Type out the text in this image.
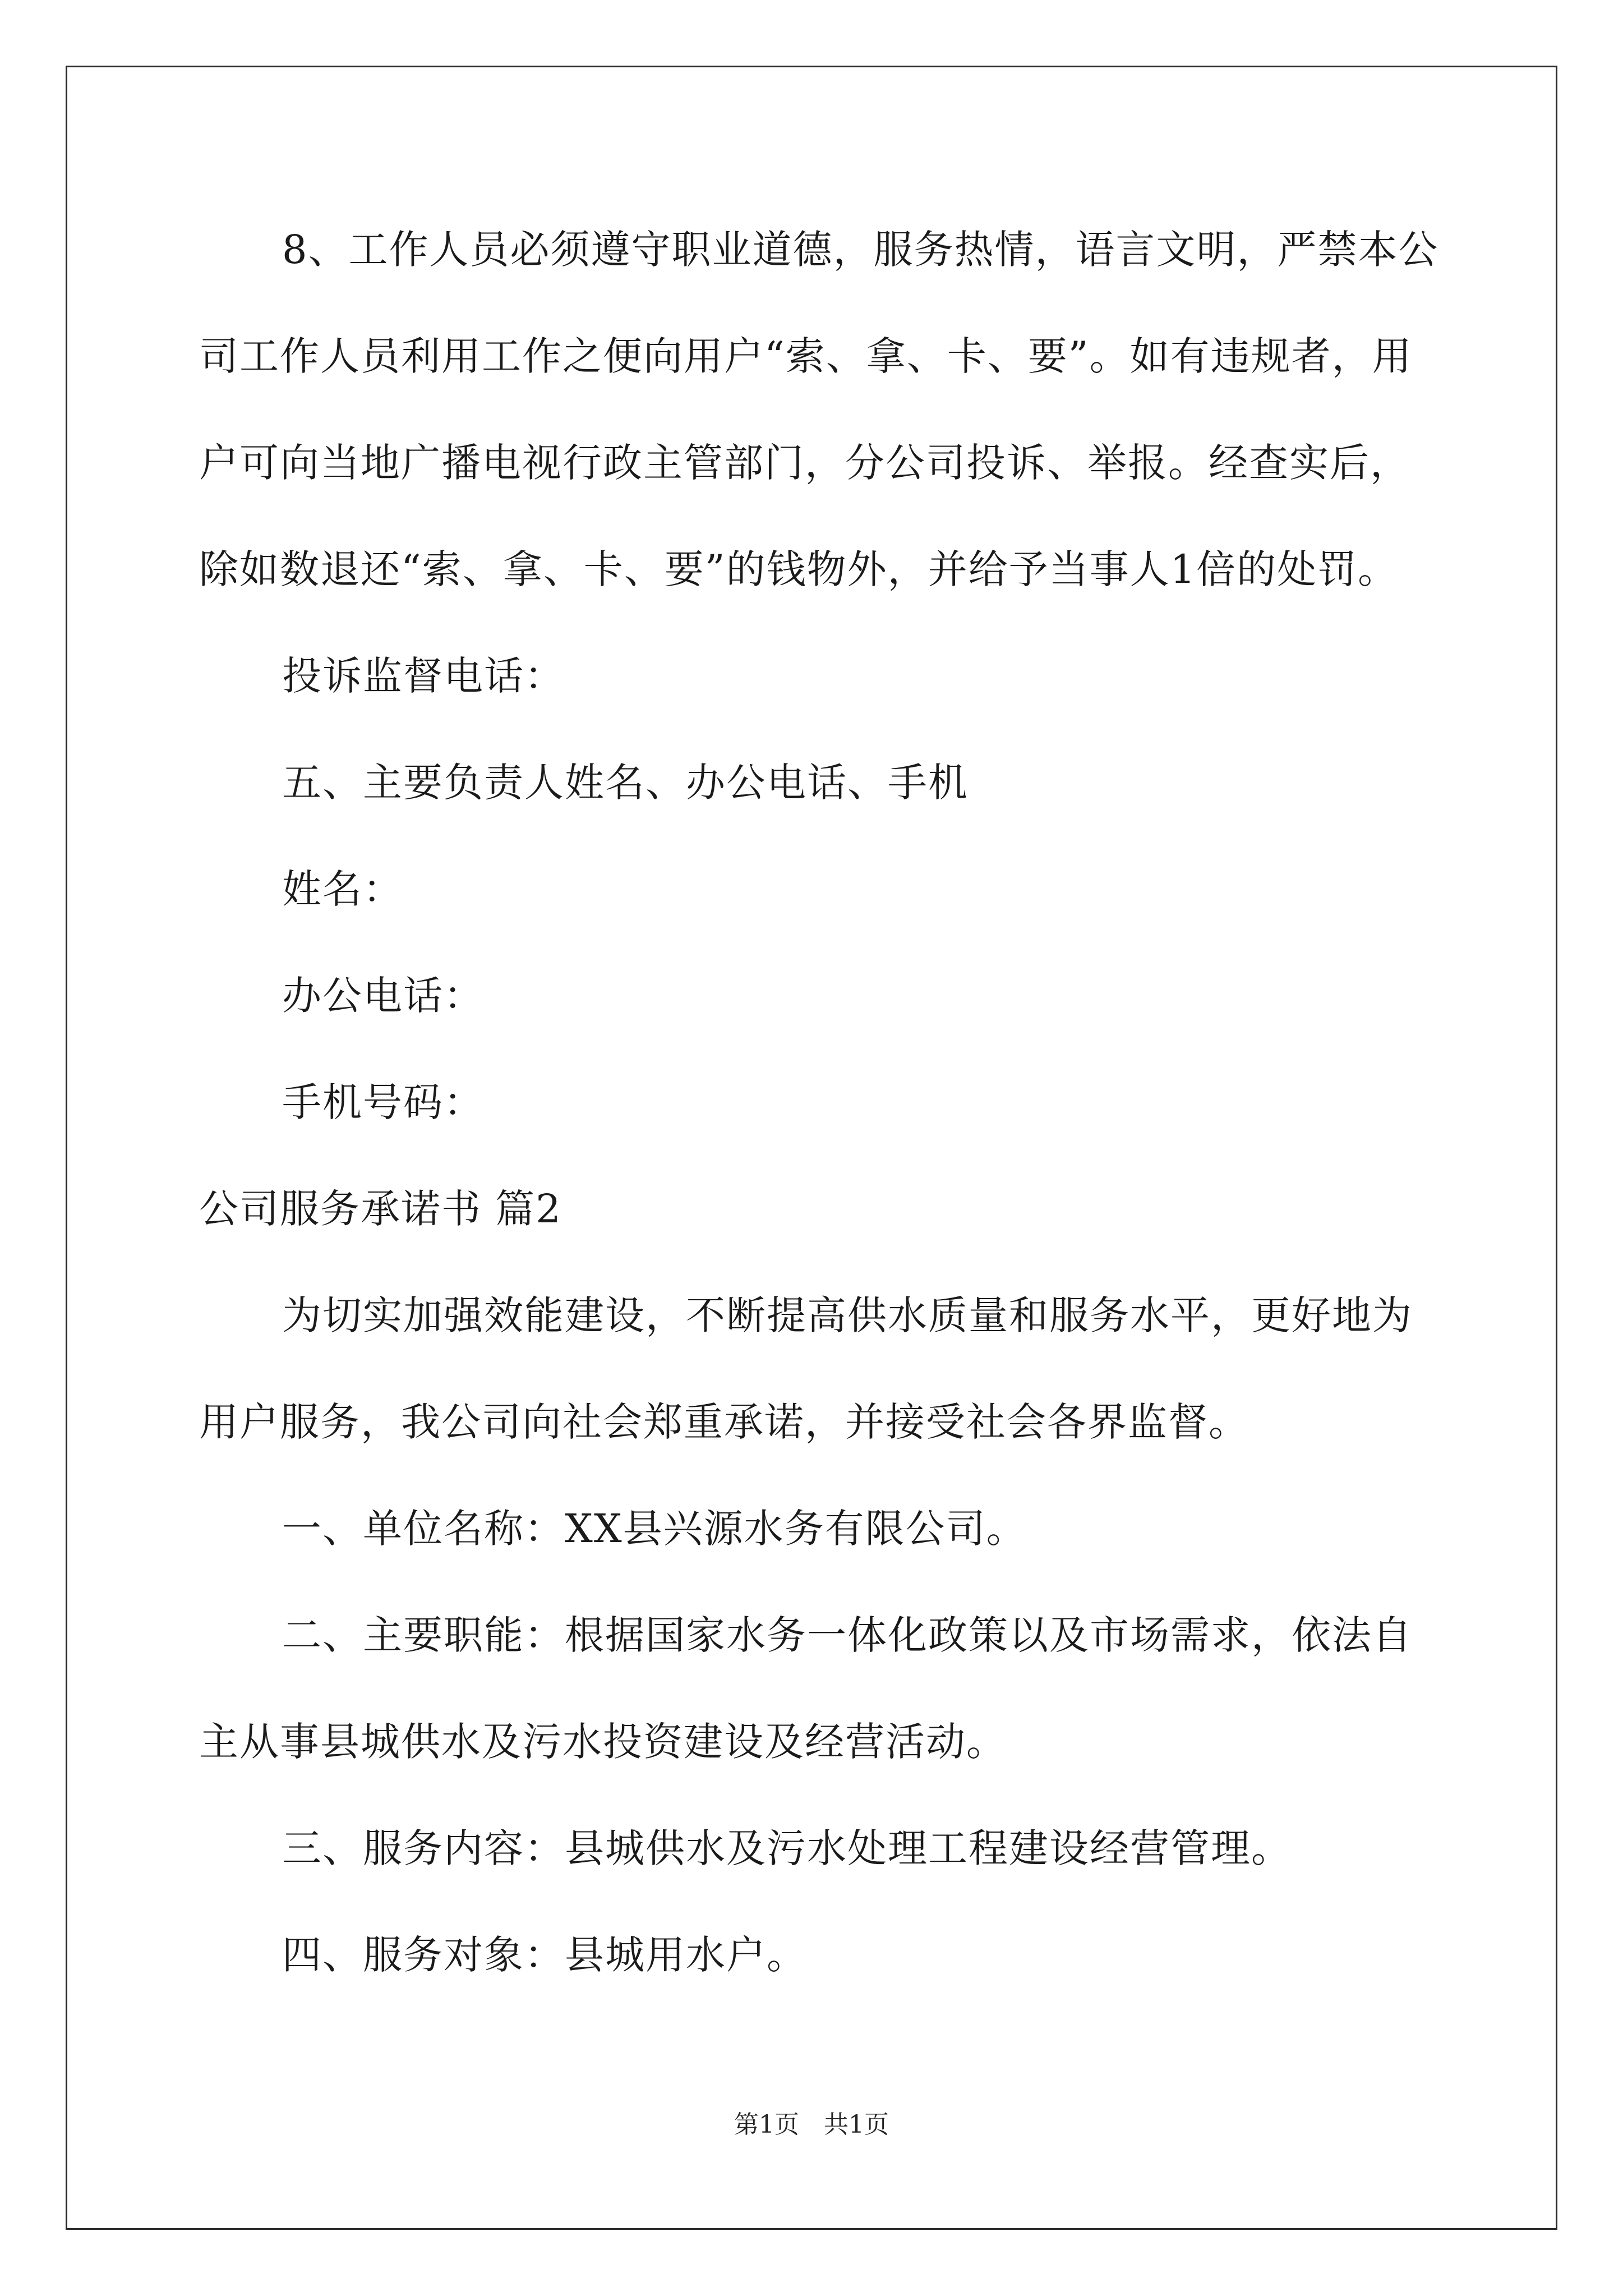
8、工作人员必须遵守职业道德，服务热情，语言文明，严禁本公
司工作人员利用工作之便向用户“索、拿、卡、要”。如有违规者，用
户可向当地广播电视行政主管部门，分公司投诉、举报。经查实后，
除如数退还“索、拿、卡、要”的钱物外，并给予当事人1倍的处罚。
投诉监督电话：
五、主要负责人姓名、办公电话、手机
姓名：
办公电话：
手机号码：
公司服务承诺书 篇2
为切实加强效能建设，不断提高供水质量和服务水平，更好地为
用户服务，我公司向社会郑重承诺，并接受社会各界监督。
一、单位名称：XX县兴源水务有限公司。
二、主要职能：根据国家水务一体化政策以及市场需求，依法自
主从事县城供水及污水投资建设及经营活动。
三、服务内容：县城供水及污水处理工程建设经营管理。
四、服务对象：县城用水户。
第1页　共1页
